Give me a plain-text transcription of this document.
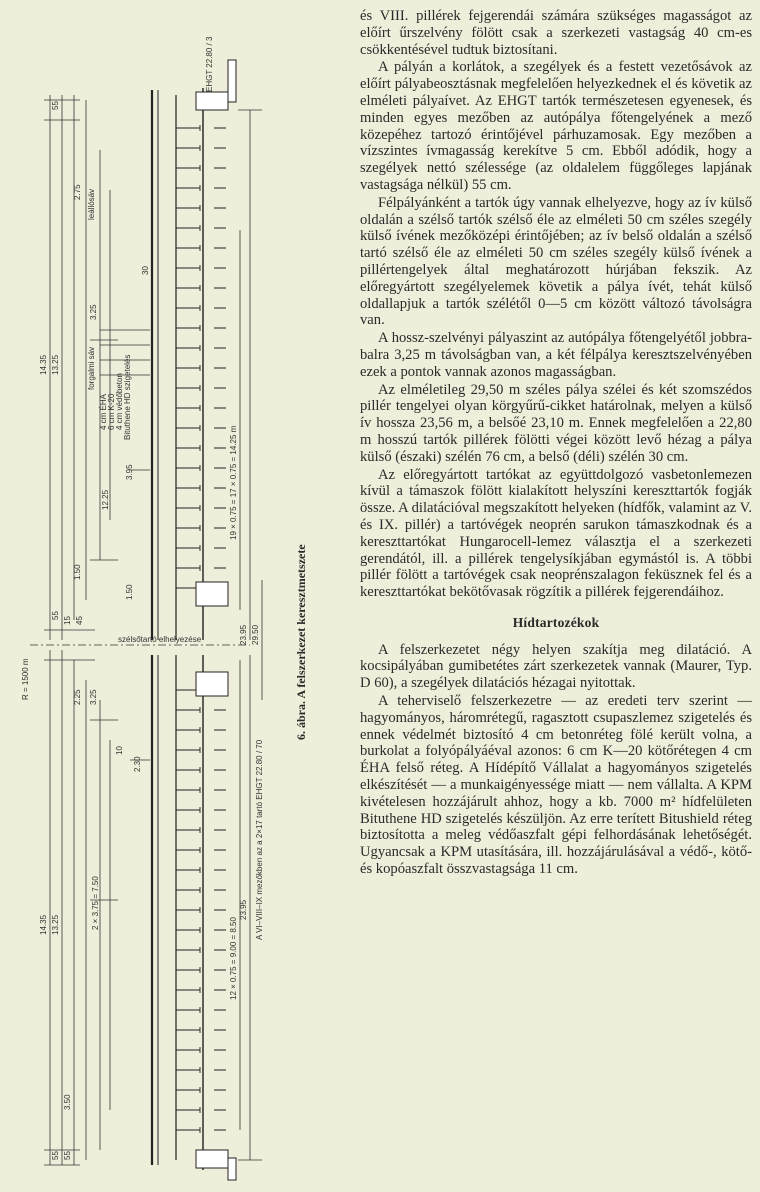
55
2.75
3.25
14.35 13.25
1.50
55
15 45
2.25 3.25
12.25
30
10
14.35 13.25
3.50
55 55
19 × 0.75 = 17 × 0.75 = 14.25 m
29.50
23.95
1.50
2.30
3.95
EHGT 22.80 / 3
R = 1500 m
A VI–VIII–IX mezőkben az a 2×17 tartó EHGT 22.80 / 70
leállósáv
forgalmi sáv
4 cm ÉHA 6 cm K-20 4 cm védőbeton Bituthene HD szigetelés
2 × 3.75 = 7.50
12 × 0.75 = 9.00 = 8.50
szélsőtartó elhelyezése
23.95
6. ábra. A felszerkezet keresztmetszete

és VIII. pillérek fejgerendái számára szükséges magasságot az előírt űrszelvény fölött csak a szerkezeti vastagság 40 cm-es csökkentésével tudtuk biztosítani.

A pályán a korlátok, a szegélyek és a festett vezetősávok az előírt pályabeosztásnak megfelelően helyezkednek el és követik az elméleti pályaívet. Az EHGT tartók természetesen egyenesek, és minden egyes mezőben az autópálya főtengelyének a mező közepéhez tartozó érintőjével párhuzamosak. Egy mezőben a vízszintes ívmagasság kerekítve 5 cm. Ebből adódik, hogy a szegélyek nettó szélessége (az oldalelem függőleges lapjának vastagsága nélkül) 55 cm.

Félpályánként a tartók úgy vannak elhelyezve, hogy az ív külső oldalán a szélső tartók szélső éle az elméleti 50 cm széles szegély külső ívének mezőközépi érintőjében; az ív belső oldalán a szélső tartó szélső éle az elméleti 50 cm széles szegély külső ívének a pillértengelyek által meghatározott húrjában fekszik. Az előregyártott szegélyelemek követik a pálya ívét, tehát külső oldallapjuk a tartók szélétől 0—5 cm között változó távolságra van.

A hossz-szelvényi pályaszint az autópálya főtengelyétől jobbra-balra 3,25 m távolságban van, a két félpálya keresztszelvényében ezek a pontok vannak azonos magasságban.

Az elméletileg 29,50 m széles pálya szélei és két szomszédos pillér tengelyei olyan körgyűrű-cikket határolnak, melyen a külső ív hossza 23,56 m, a belsőé 23,10 m. Ennek megfelelően a 22,80 m hosszú tartók pillérek fölötti végei között levő hézag a pálya külső (északi) szélén 76 cm, a belső (déli) szélén 30 cm.

Az előregyártott tartókat az együttdolgozó vasbetonlemezen kívül a támaszok fölött kialakított helyszíni kereszttartók fogják össze. A dilatációval megszakított helyeken (hídfők, valamint az V. és IX. pillér) a tartóvégek neoprén sarukon támaszkodnak és a kereszttartókat Hungarocell-lemez választja el a szerkezeti gerendától, ill. a pillérek tengelysíkjában egymástól is. A többi pillér fölött a tartóvégek csak neoprénszalagon feküsznek fel és a kereszttartókat bekötővasak rögzítik a pillérek fejgerendáihoz.

Hídtartozékok

A felszerkezetet négy helyen szakítja meg dilatáció. A kocsipályában gumibetétes zárt szerkezetek vannak (Maurer, Typ. D 60), a szegélyek dilatációs hézagai nyitottak.

A teherviselő felszerkezetre — az eredeti terv szerint — hagyományos, háromrétegű, ragasztott csupaszlemez szigetelés és ennek védelmét biztosító 4 cm betonréteg fölé került volna, a burkolat a folyópályáéval azonos: 6 cm K—20 kötőrétegen 4 cm ÉHA felső réteg. A Hídépítő Vállalat a hagyományos szigetelés elkészítését — a munkaigényessége miatt — nem vállalta. A KPM kivételesen hozzájárult ahhoz, hogy a kb. 7000 m² hídfelületen Bituthene HD szigetelés készüljön. Az erre terített Bitushield réteg biztosította a meleg védőaszfalt gépi felhordásának lehetőségét. Ugyancsak a KPM utasítására, ill. hozzájárulásával a védő-, kötő- és kopóaszfalt összvastagsága 11 cm.
